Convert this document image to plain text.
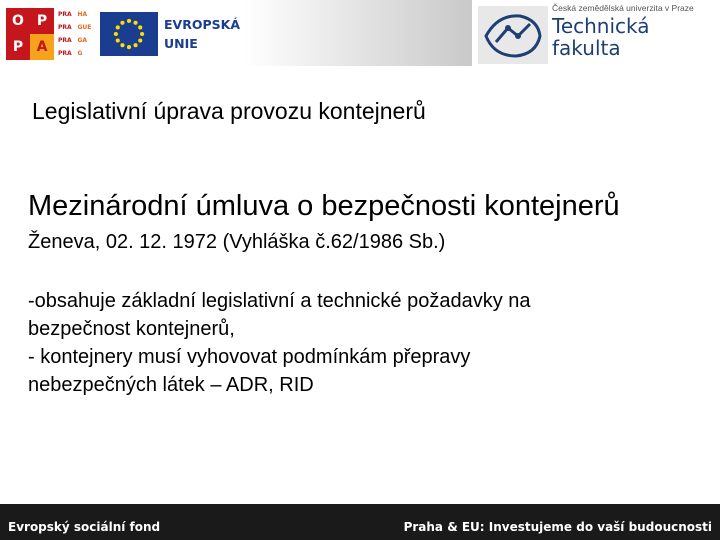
O P
P A
PRA HA
PRA GUE
PRA GA
PRA G
EVROPSKÁ
UNIE
Česká zemědělská univerzita v Praze
Technická
fakulta
Legislativní úprava provozu kontejnerů
Mezinárodní úmluva o bezpečnosti kontejnerů
Ženeva, 02. 12. 1972 (Vyhláška č.62/1986 Sb.)
-obsahuje základní legislativní a technické požadavky na
bezpečnost kontejnerů,
- kontejnery musí vyhovovat podmínkám přepravy
nebezpečných látek – ADR, RID
Evropský sociální fond	Praha & EU: Investujeme do vaší budoucnosti
